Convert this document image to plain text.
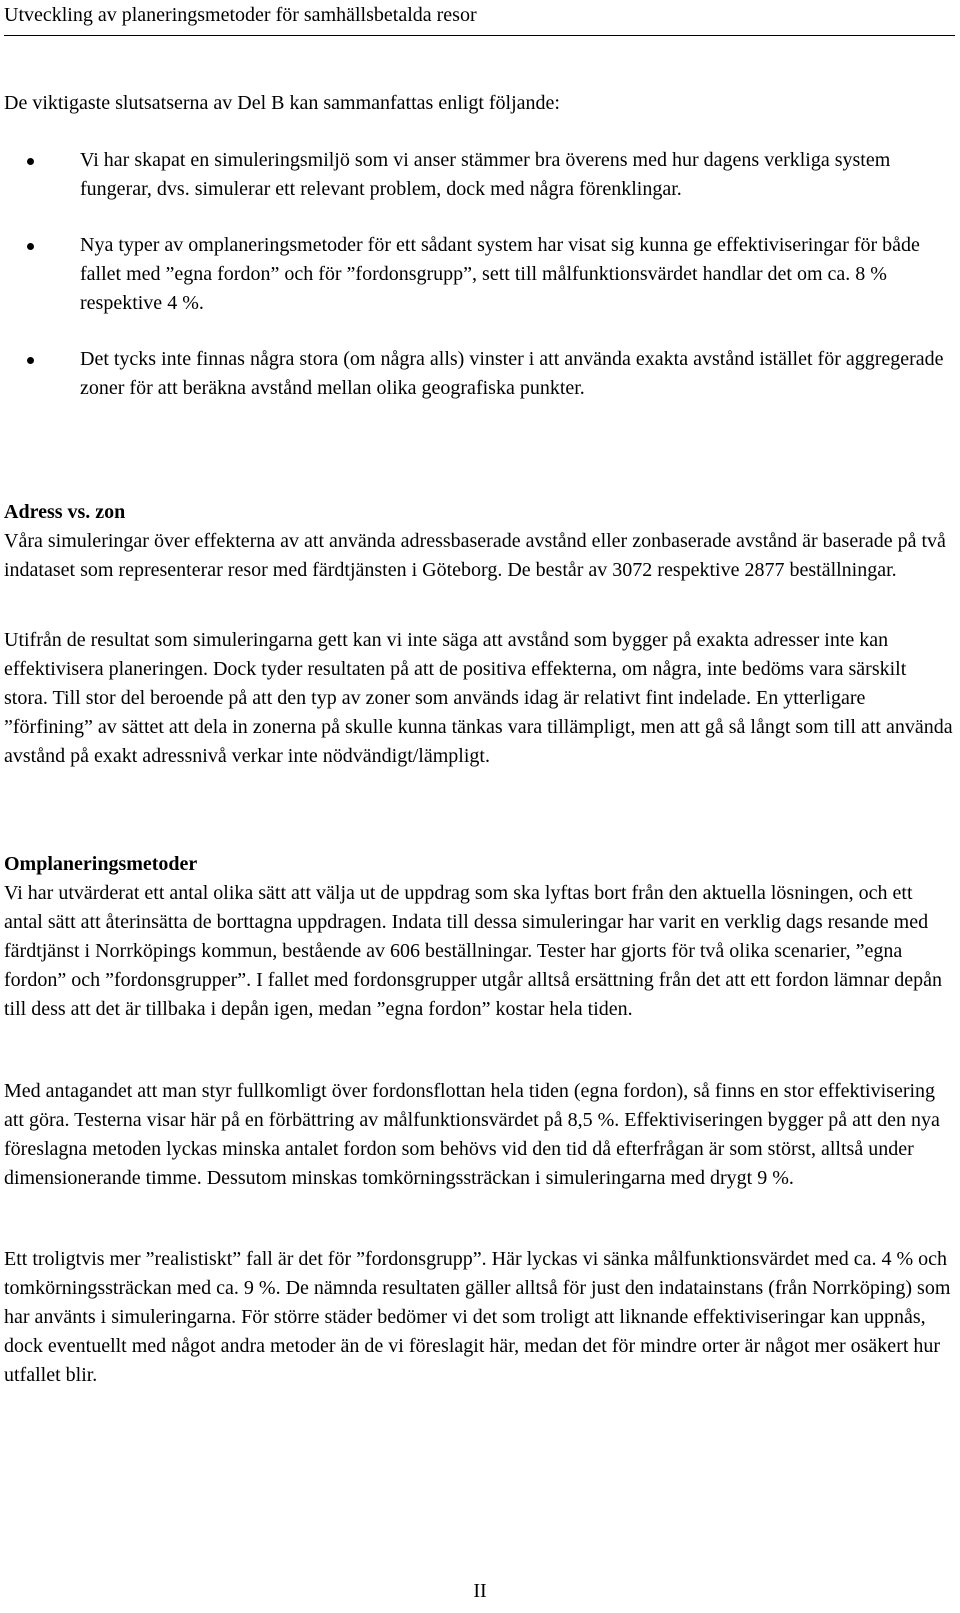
Utveckling av planeringsmetoder för samhällsbetalda resor

De viktigaste slutsatserna av Del B kan sammanfattas enligt följande:

Vi har skapat en simuleringsmiljö som vi anser stämmer bra överens med hur dagens verkliga system fungerar, dvs. simulerar ett relevant problem, dock med några förenklingar.
Nya typer av omplaneringsmetoder för ett sådant system har visat sig kunna ge effektiviseringar för både fallet med ”egna fordon” och för ”fordonsgrupp”, sett till målfunktionsvärdet handlar det om ca. 8 % respektive 4 %.
Det tycks inte finnas några stora (om några alls) vinster i att använda exakta avstånd istället för aggregerade zoner för att beräkna avstånd mellan olika geografiska punkter.
Adress vs. zon

Våra simuleringar över effekterna av att använda adressbaserade avstånd eller zonbaserade avstånd är baserade på två indataset som representerar resor med färdtjänsten i Göteborg. De består av 3072 respektive 2877 beställningar.

Utifrån de resultat som simuleringarna gett kan vi inte säga att avstånd som bygger på exakta adresser inte kan effektivisera planeringen. Dock tyder resultaten på att de positiva effekterna, om några, inte bedöms vara särskilt stora. Till stor del beroende på att den typ av zoner som används idag är relativt fint indelade. En ytterligare ”förfining” av sättet att dela in zonerna på skulle kunna tänkas vara tillämpligt, men att gå så långt som till att använda avstånd på exakt adressnivå verkar inte nödvändigt/lämpligt.

Omplaneringsmetoder

Vi har utvärderat ett antal olika sätt att välja ut de uppdrag som ska lyftas bort från den aktuella lösningen, och ett antal sätt att återinsätta de borttagna uppdragen. Indata till dessa simuleringar har varit en verklig dags resande med färdtjänst i Norrköpings kommun, bestående av 606 beställningar. Tester har gjorts för två olika scenarier, ”egna fordon” och ”fordonsgrupper”. I fallet med fordonsgrupper utgår alltså ersättning från det att ett fordon lämnar depån till dess att det är tillbaka i depån igen, medan ”egna fordon” kostar hela tiden.

Med antagandet att man styr fullkomligt över fordonsflottan hela tiden (egna fordon), så finns en stor effektivisering att göra. Testerna visar här på en förbättring av målfunktionsvärdet på 8,5 %. Effektiviseringen bygger på att den nya föreslagna metoden lyckas minska antalet fordon som behövs vid den tid då efterfrågan är som störst, alltså under dimensionerande timme. Dessutom minskas tomkörningssträckan i simuleringarna med drygt 9 %.

Ett troligtvis mer ”realistiskt” fall är det för ”fordonsgrupp”. Här lyckas vi sänka målfunktionsvärdet med ca. 4 % och tomkörningssträckan med ca. 9 %. De nämnda resultaten gäller alltså för just den indatainstans (från Norrköping) som har använts i simuleringarna. För större städer bedömer vi det som troligt att liknande effektiviseringar kan uppnås, dock eventuellt med något andra metoder än de vi föreslagit här, medan det för mindre orter är något mer osäkert hur utfallet blir.

II
